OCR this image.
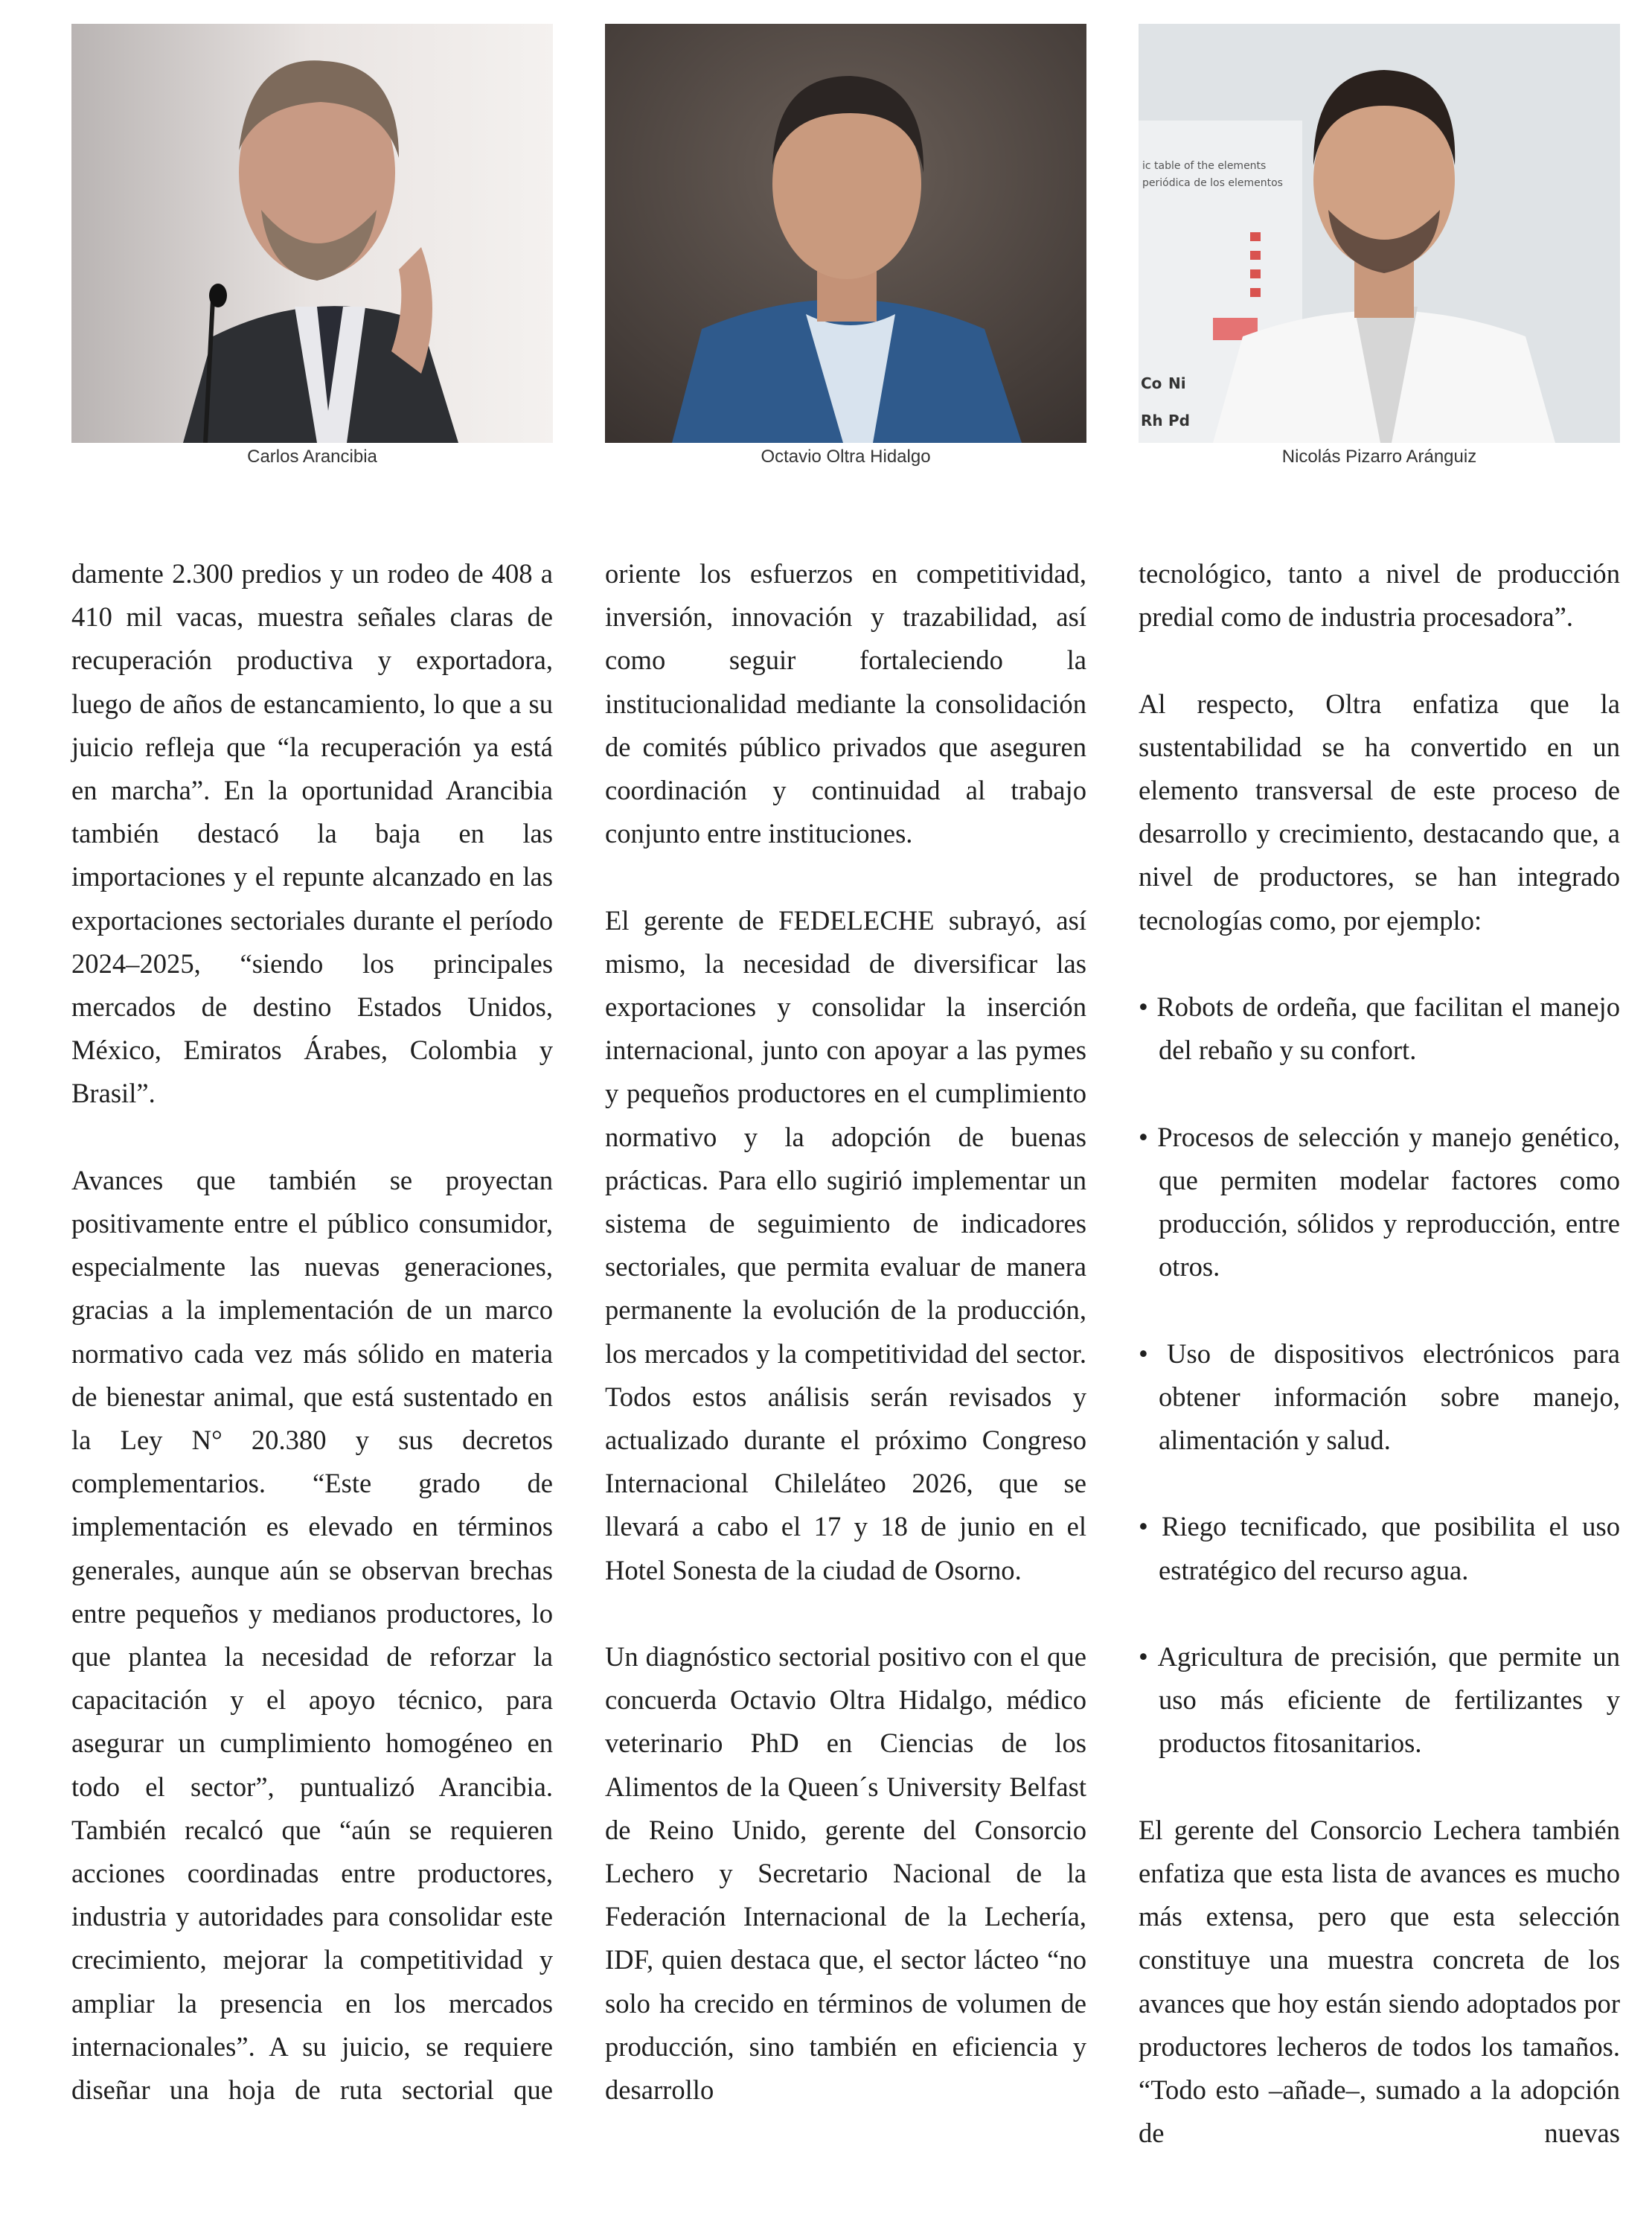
Carlos Arancibia	Octavio Oltra Hidalgo
ic table of the elements
periódica de los elementos
Co Ni
Rh Pd
Nicolás Pizarro Aránguiz

damente 2.300 predios y un rodeo de 408 a 410 mil vacas, muestra señales claras de recuperación productiva y exportadora, luego de años de estancamiento, lo que a su juicio refleja que “la recuperación ya está en marcha”. En la oportunidad Arancibia también destacó la baja en las importaciones y el repunte alcanzado en las exportaciones sectoriales durante el período 2024–2025, “siendo los principales mercados de destino Estados Unidos, México, Emiratos Árabes, Colombia y Brasil”.

Avances que también se proyectan positivamente entre el público consumidor, especialmente las nuevas generaciones, gracias a la implementación de un marco normativo cada vez más sólido en materia de bienestar animal, que está sustentado en la Ley N° 20.380 y sus decretos complementarios. “Este grado de implementación es elevado en términos generales, aunque aún se observan brechas entre pequeños y medianos productores, lo que plantea la necesidad de reforzar la capacitación y el apoyo técnico, para asegurar un cumplimiento homogéneo en todo el sector”, puntualizó Arancibia. También recalcó que “aún se requieren acciones coordinadas entre productores, industria y autoridades para consolidar este crecimiento, mejorar la competitividad y ampliar la presencia en los mercados internacionales”. A su juicio, se requiere diseñar una hoja de ruta sectorial que

oriente los esfuerzos en competitividad, inversión, innovación y trazabilidad, así como seguir fortaleciendo la institucionalidad mediante la consolidación de comités público privados que aseguren coordinación y continuidad al trabajo conjunto entre instituciones.

El gerente de FEDELECHE subrayó, así mismo, la necesidad de diversificar las exportaciones y consolidar la inserción internacional, junto con apoyar a las pymes y pequeños productores en el cumplimiento normativo y la adopción de buenas prácticas. Para ello sugirió implementar un sistema de seguimiento de indicadores sectoriales, que permita evaluar de manera permanente la evolución de la producción, los mercados y la competitividad del sector. Todos estos análisis serán revisados y actualizado durante el próximo Congreso Internacional Chileláteo 2026, que se llevará a cabo el 17 y 18 de junio en el Hotel Sonesta de la ciudad de Osorno.

Un diagnóstico sectorial positivo con el que concuerda Octavio Oltra Hidalgo, médico veterinario PhD en Ciencias de los Alimentos de la Queen´s University Belfast de Reino Unido, gerente del Consorcio Lechero y Secretario Nacional de la Federación Internacional de la Lechería, IDF, quien destaca que, el sector lácteo “no solo ha crecido en términos de volumen de producción, sino también en eficiencia y desarrollo

tecnológico, tanto a nivel de producción predial como de industria procesadora”.

Al respecto, Oltra enfatiza que la sustentabilidad se ha convertido en un elemento transversal de este proceso de desarrollo y crecimiento, destacando que, a nivel de productores, se han integrado tecnologías como, por ejemplo:

• Robots de ordeña, que facilitan el manejo del rebaño y su confort.

• Procesos de selección y manejo genético, que permiten modelar factores como producción, sólidos y reproducción, entre otros.

• Uso de dispositivos electrónicos para obtener información sobre manejo, alimentación y salud.

• Riego tecnificado, que posibilita el uso estratégico del recurso agua.

• Agricultura de precisión, que permite un uso más eficiente de fertilizantes y productos fitosanitarios.

El gerente del Consorcio Lechera también enfatiza que esta lista de avances es mucho más extensa, pero que esta selección constituye una muestra concreta de los avances que hoy están siendo adoptados por productores lecheros de todos los tamaños. “Todo esto –añade–, sumado a la adopción de nuevas
